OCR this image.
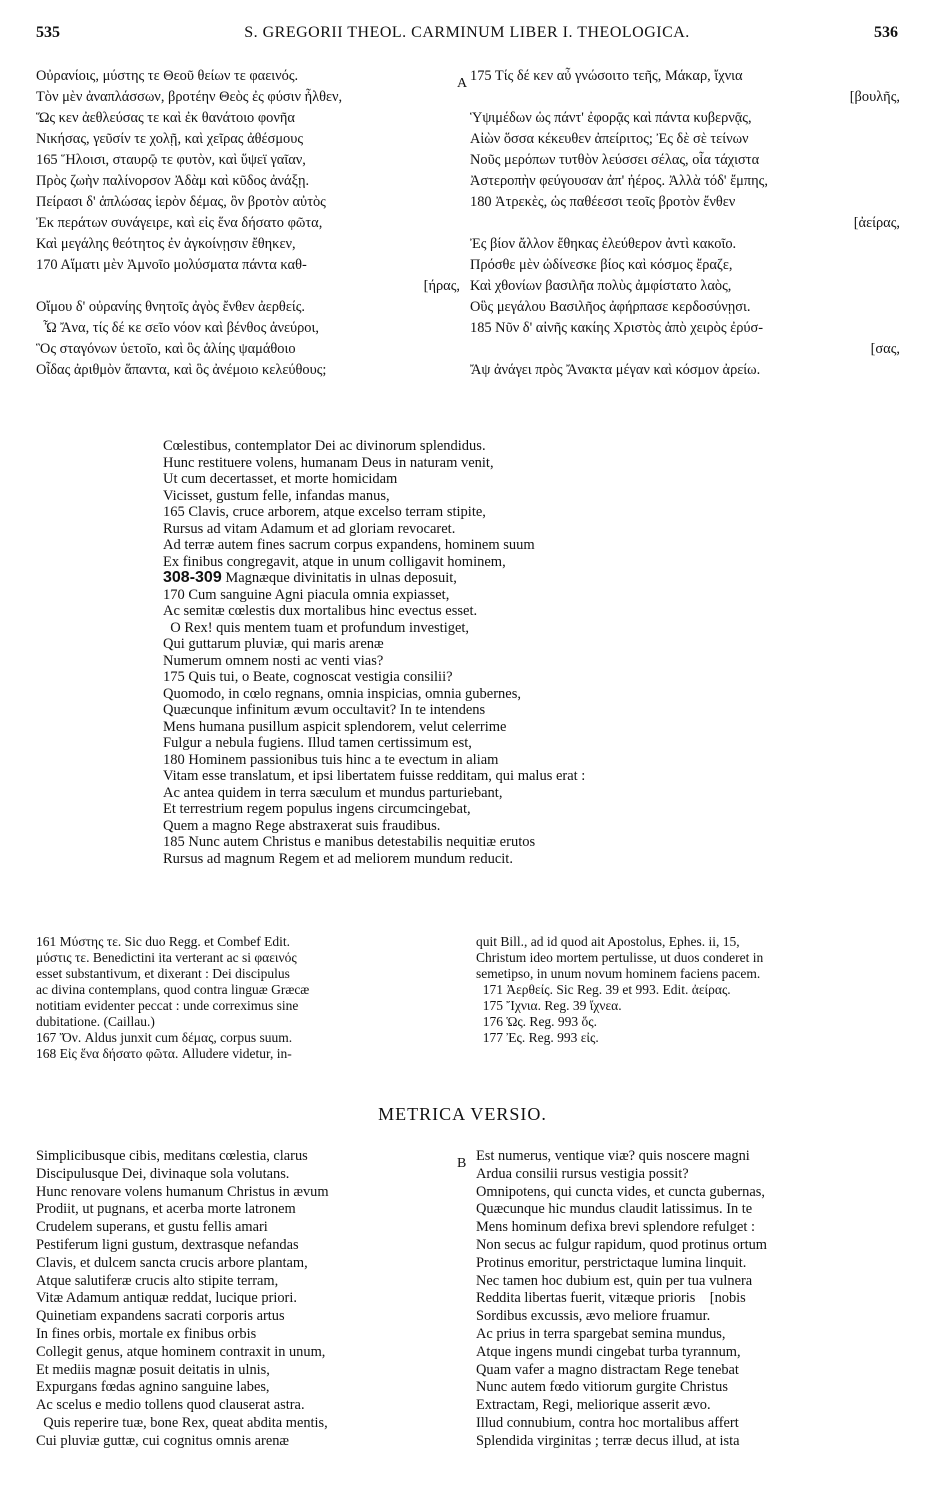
535	S. GREGORII THEOL. CARMINUM LIBER I. THEOLOGICA.	536
Οὐρανίοις, μύστης τε Θεοῦ θείων τε φαεινός.
Τὸν μὲν ἀναπλάσσων, βροτέην Θεὸς ἐς φύσιν ἦλθεν,
Ὥς κεν ἀεθλεύσας τε καὶ ἐκ θανάτοιο φονῆα
Νικήσας, γεῦσίν τε χολῇ, καὶ χεῖρας ἀθέσμους
165 Ἥλοισι, σταυρῷ τε φυτὸν, καὶ ὕψεϊ γαῖαν,
Πρὸς ζωὴν παλίνορσον Ἀδὰμ καὶ κῦδος ἀνάξῃ.
Πείρασι δ' ἁπλώσας ἱερὸν δέμας, ὃν βροτὸν αὐτὸς
Ἐκ περάτων συνάγειρε, καὶ εἰς ἕνα δήσατο φῶτα,
Καὶ μεγάλης θεότητος ἐν ἀγκοίνῃσιν ἔθηκεν,
170 Αἵματι μὲν Ἀμνοῖο μολύσματα πάντα καθ-
[ήρας,
Οἴμου δ' οὐρανίης θνητοῖς ἀγὸς ἔνθεν ἀερθείς.
Ὦ Ἄνα, τίς δέ κε σεῖο νόον καὶ βένθος ἀνεύροι,
Ὃς σταγόνων ὑετοῖο, καὶ ὃς ἁλίης ψαμάθοιο
Οἶδας ἀριθμὸν ἅπαντα, καὶ ὃς ἀνέμοιο κελεύθους;
A 175 Τίς δέ κεν αὖ γνώσοιτο τεῆς, Μάκαρ, ἴχνια
[βουλῆς,
Ὑψιμέδων ὡς πάντ' ἐφορᾷς καὶ πάντα κυβερνᾷς,
Αἰὼν ὅσσα κέκευθεν ἀπείριτος; Ἐς δὲ σὲ τείνων
Νοῦς μερόπων τυτθὸν λεύσσει σέλας, οἷα τάχιστα
Ἀστεροπὴν φεύγουσαν ἀπ' ἠέρος. Ἀλλὰ τόδ' ἔμπης,
180 Ἀτρεκὲς, ὡς παθέεσσι τεοῖς βροτὸν ἔνθεν
[ἀείρας,
Ἐς βίον ἄλλον ἔθηκας ἐλεύθερον ἀντὶ κακοῖο.
Πρόσθε μὲν ὠδίνεσκε βίος καὶ κόσμος ἔραζε,
Καὶ χθονίων βασιλῆα πολὺς ἀμφίστατο λαὸς,
Οὓς μεγάλου Βασιλῆος ἀφήρπασε κερδοσύνῃσι.
185 Νῦν δ' αἰνῆς κακίης Χριστὸς ἀπὸ χειρὸς ἐρύσ-
[σας,
Ἄψ ἀνάγει πρὸς Ἄνακτα μέγαν καὶ κόσμον ἀρείω.
Cœlestibus, contemplator Dei ac divinorum splendidus.
Hunc restituere volens, humanam Deus in naturam venit,
Ut cum decertasset, et morte homicidam
Vicisset, gustum felle, infandas manus,
165 Clavis, cruce arborem, atque excelso terram stipite,
Rursus ad vitam Adamum et ad gloriam revocaret.
Ad terræ autem fines sacrum corpus expandens, hominem suum
Ex finibus congregavit, atque in unum colligavit hominem,
308-309 Magnæque divinitatis in ulnas deposuit,
170 Cum sanguine Agni piacula omnia expiasset,
Ac semitæ cœlestis dux mortalibus hinc evectus esset.
O Rex! quis mentem tuam et profundum investiget,
Qui guttarum pluviæ, qui maris arenæ
Numerum omnem nosti ac venti vias?
175 Quis tui, o Beate, cognoscat vestigia consilii?
Quomodo, in cœlo regnans, omnia inspicias, omnia gubernes,
Quæcunque infinitum ævum occultavit? In te intendens
Mens humana pusillum aspicit splendorem, velut celerrime
Fulgur a nebula fugiens. Illud tamen certissimum est,
180 Hominem passionibus tuis hinc a te evectum in aliam
Vitam esse translatum, et ipsi libertatem fuisse redditam, qui malus erat :
Ac antea quidem in terra sæculum et mundus parturiebant,
Et terrestrium regem populus ingens circumcingebat,
Quem a magno Rege abstraxerat suis fraudibus.
185 Nunc autem Christus e manibus detestabilis nequitiæ erutos
Rursus ad magnum Regem et ad meliorem mundum reducit.
161 Μύστης τε. Sic duo Regg. et Combef Edit.
μύστις τε. Benedictini ita verterant ac si φαεινός
esset substantivum, et dixerant : Dei discipulus
ac divina contemplans, quod contra linguæ Græcæ
notitiam evidenter peccat : unde correximus sine
dubitatione. (Caillau.)
167 Ὄν. Aldus junxit cum δέμας, corpus suum.
168 Εἰς ἕνα δήσατο φῶτα. Alludere videtur, in-
quit Bill., ad id quod ait Apostolus, Ephes. ii, 15,
Christum ideo mortem pertulisse, ut duos conderet in
semetipso, in unum novum hominem faciens pacem.
171 Ἀερθείς. Sic Reg. 39 et 993. Edit. ἀείρας.
175 Ἴχνια. Reg. 39 ἴχνεα.
176 Ὡς. Reg. 993 ὅς.
177 Ἐς. Reg. 993 εἰς.
METRICA VERSIO.
Simplicibusque cibis, meditans cœlestia, clarus
Discipulusque Dei, divinaque sola volutans.
Hunc renovare volens humanum Christus in ævum
Prodiit, ut pugnans, et acerba morte latronem
Crudelem superans, et gustu fellis amari
Pestiferum ligni gustum, dextrasque nefandas
Clavis, et dulcem sancta crucis arbore plantam,
Atque salutiferæ crucis alto stipite terram,
Vitæ Adamum antiquæ reddat, lucique priori.
Quinetiam expandens sacrati corporis artus
In fines orbis, mortale ex finibus orbis
Collegit genus, atque hominem contraxit in unum,
Et mediis magnæ posuit deitatis in ulnis,
Expurgans fœdas agnino sanguine labes,
Ac scelus e medio tollens quod clauserat astra.
Quis reperire tuæ, bone Rex, queat abdita mentis,
Cui pluviæ guttæ, cui cognitus omnis arenæ
B Est numerus, ventique viæ? quis noscere magni
Ardua consilii rursus vestigia possit?
Omnipotens, qui cuncta vides, et cuncta gubernas,
Quæcunque hic mundus claudit latissimus. In te
Mens hominum defixa brevi splendore refulget :
Non secus ac fulgur rapidum, quod protinus ortum
Protinus emoritur, perstrictaque lumina linquit.
Nec tamen hoc dubium est, quin per tua vulnera
Reddita libertas fuerit, vitæque prioris    [nobis
Sordibus excussis, ævo meliore fruamur.
Ac prius in terra spargebat semina mundus,
Atque ingens mundi cingebat turba tyrannum,
Quam vafer a magno distractam Rege tenebat
Nunc autem fœdo vitiorum gurgite Christus
Extractam, Regi, meliorique asserit ævo.
Illud connubium, contra hoc mortalibus affert
Splendida virginitas ; terræ decus illud, at ista
